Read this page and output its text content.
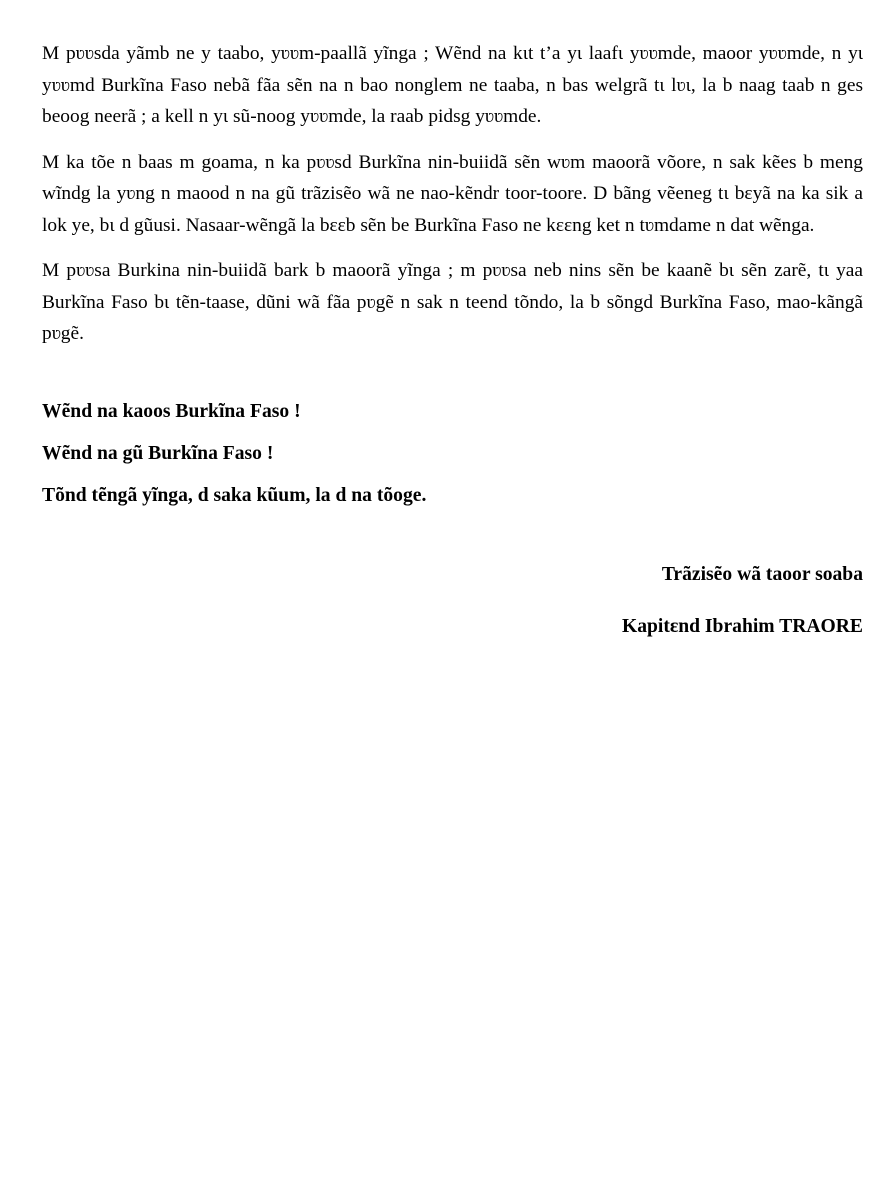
M pʋʋsda yãmb ne y taabo, yʋʋm-paallã yĩnga ; Wẽnd na kɩt t’a yɩ laafɩ yʋʋmde, maoor yʋʋmde, n yɩ yʋʋmd Burkĩna Faso nebã fãa sẽn na n bao nonglem ne taaba, n bas welgrã tɩ lʋɩ, la b naag taab n ges beoog neerã ; a kell n yɩ sũ-noog yʋʋmde, la raab pidsg yʋʋmde.

M ka tõe n baas m goama, n ka pʋʋsd Burkĩna nin-buiidã sẽn wʋm maoorã võore, n sak kẽes b meng wĩndg la yʋng n maood n na gũ trãzisẽo wã ne nao-kẽndr toor-toore. D bãng vẽeneg tɩ bɛyã na ka sik a lok ye, bɩ d gũusi. Nasaar-wẽngã la bɛɛb sẽn be Burkĩna Faso ne kɛɛng ket n tʋmdame n dat wẽnga.

M pʋʋsa Burkina nin-buiidã bark b maoorã yĩnga ; m pʋʋsa neb nins sẽn be kaanẽ bɩ sẽn zarẽ, tɩ yaa Burkĩna Faso bɩ tẽn-taase, dũni wã fãa pʋgẽ n sak n teend tõndo, la b sõngd Burkĩna Faso, mao-kãngã pʋgẽ.

Wẽnd na kaoos Burkĩna Faso !

Wẽnd na gũ Burkĩna Faso !

Tõnd tẽngã yĩnga, d saka kũum, la d na tõoge.

Trãzisẽo wã taoor soaba

Kapitɛnd Ibrahim TRAORE
